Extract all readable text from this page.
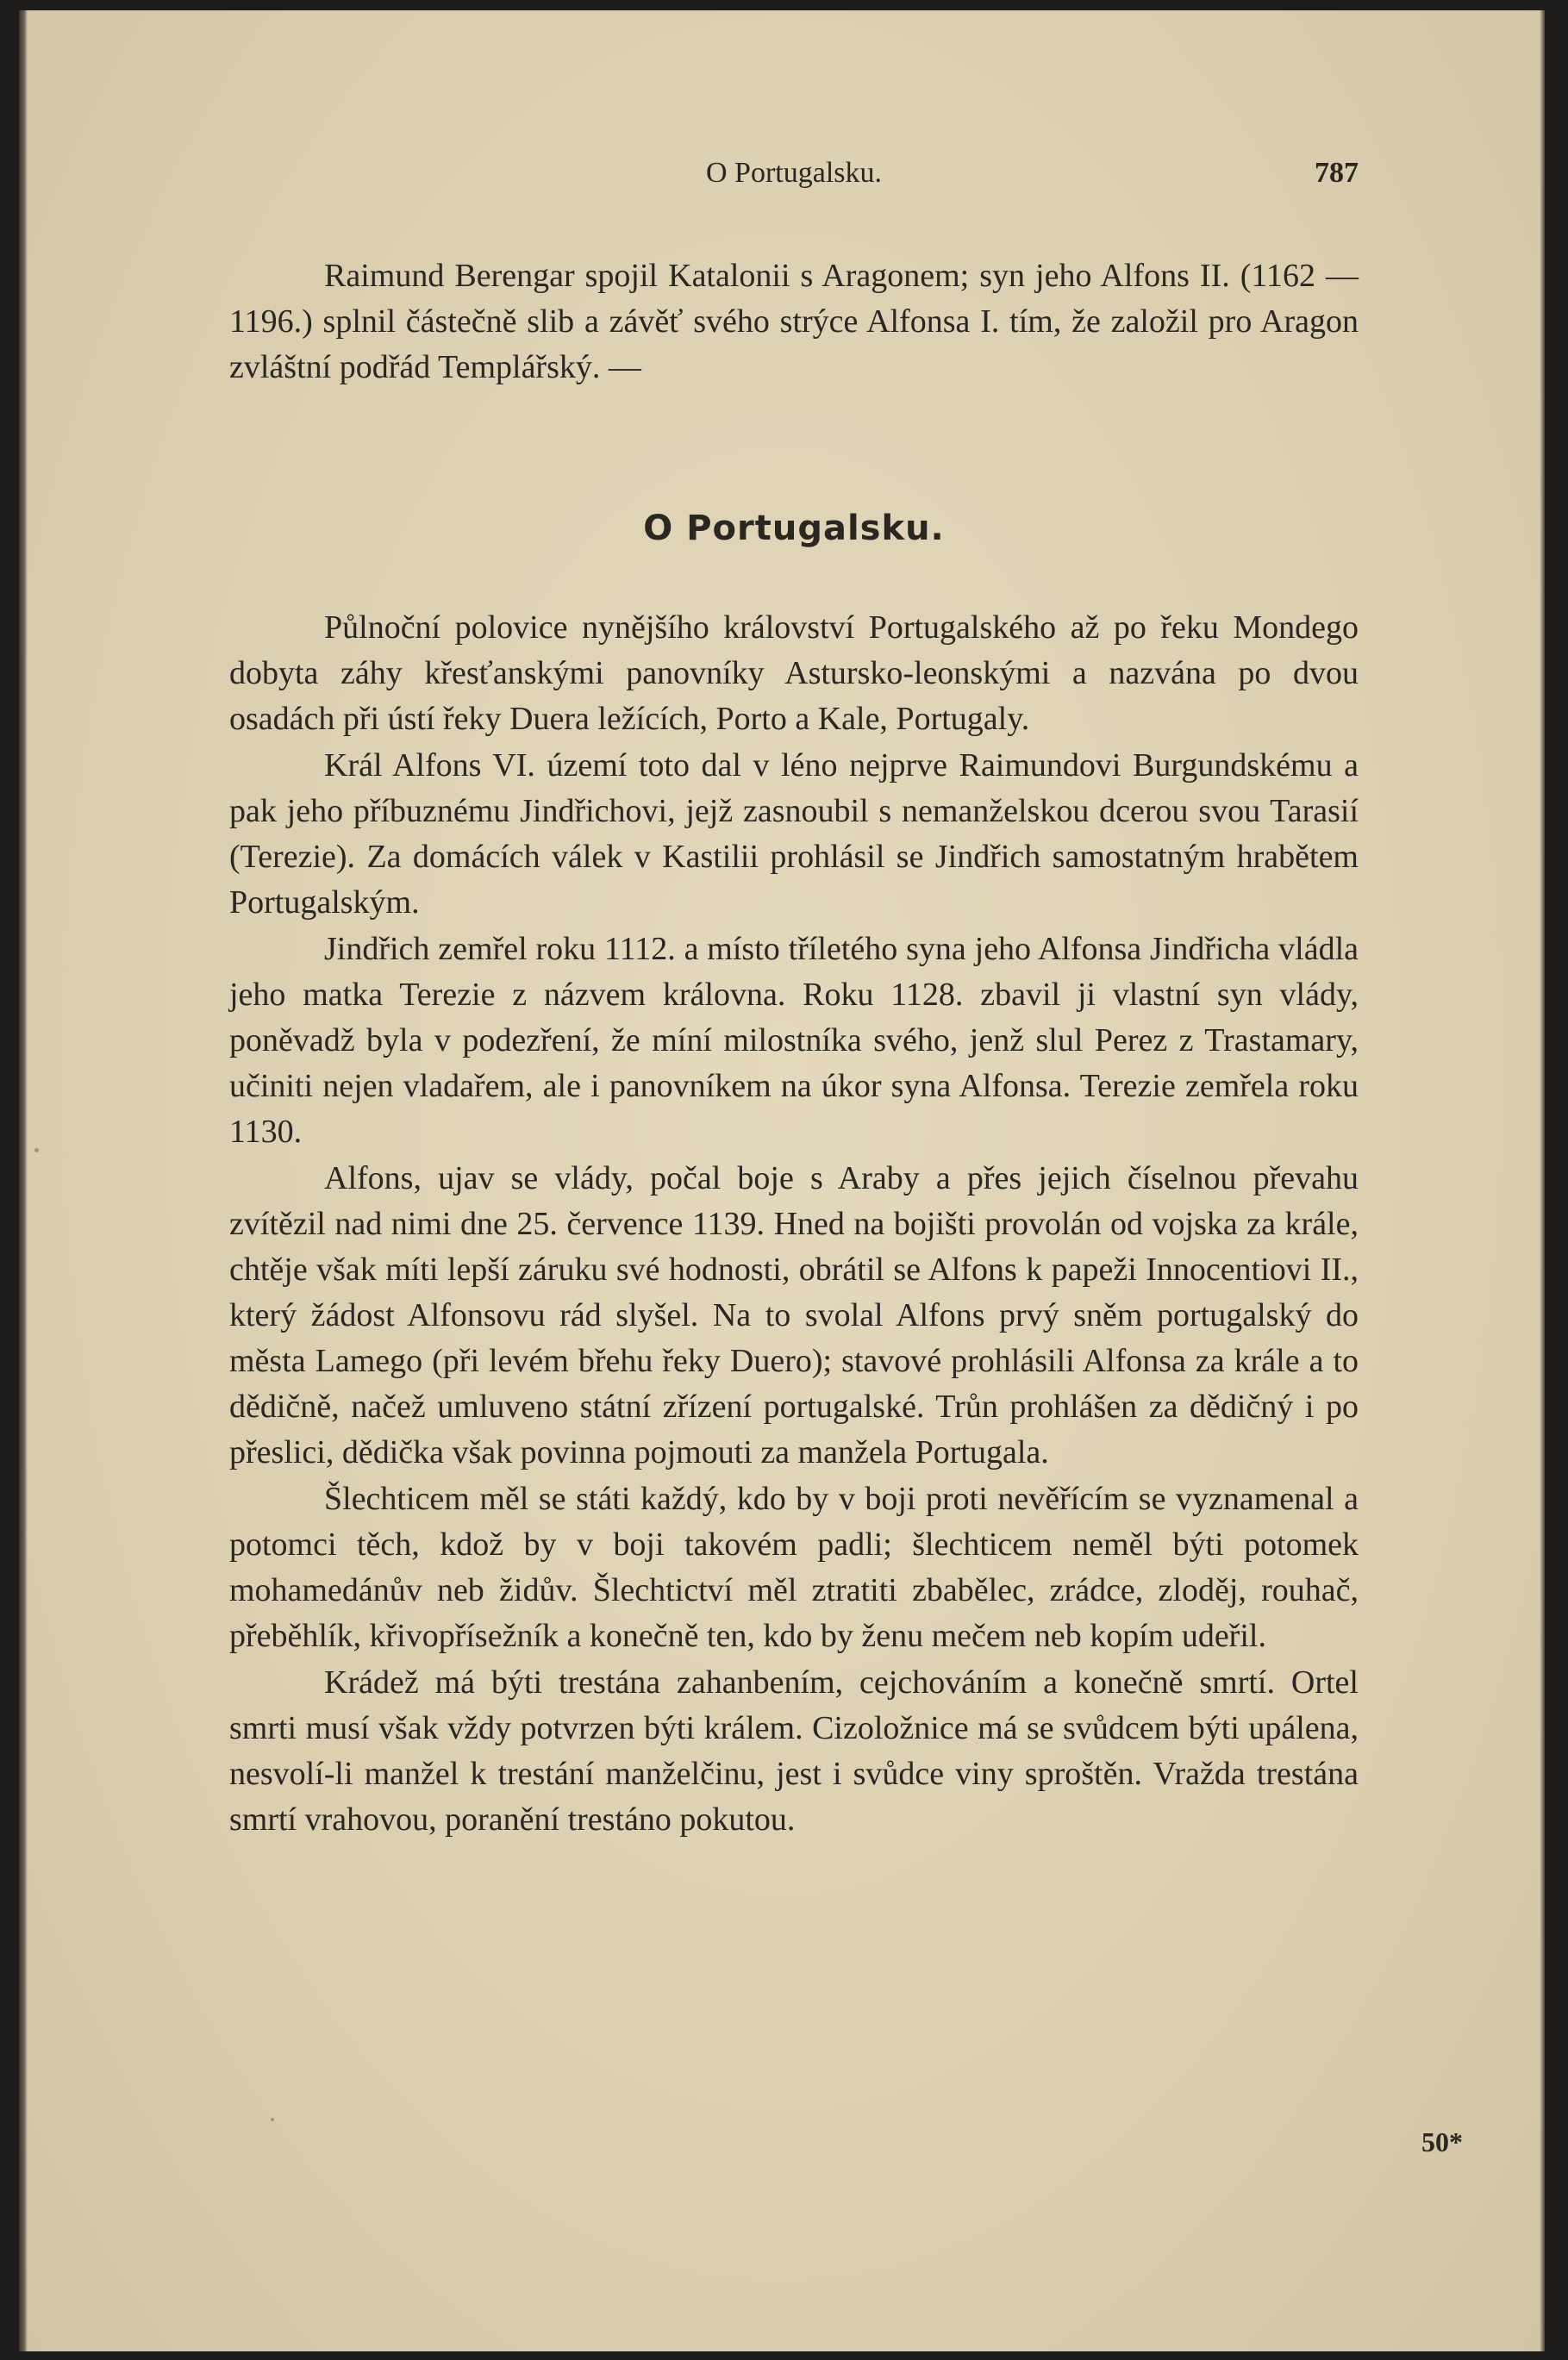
O Portugalsku.	787

Raimund Berengar spojil Katalonii s Aragonem; syn jeho Alfons II. (1162 — 1196.) splnil částečně slib a závěť svého strýce Alfonsa I. tím, že založil pro Aragon zvláštní podřád Templářský. —

O Portugalsku.

Půlnoční polovice nynějšího království Portugalského až po řeku Mondego dobyta záhy křesťanskými panovníky Astursko-leonskými a nazvána po dvou osadách při ústí řeky Duera ležících, Porto a Kale, Portugaly.

Král Alfons VI. území toto dal v léno nejprve Raimundovi Burgundskému a pak jeho příbuznému Jindřichovi, jejž zasnoubil s nemanželskou dcerou svou Tarasií (Terezie). Za domácích válek v Kastilii prohlásil se Jindřich samostatným hrabětem Portugalským.

Jindřich zemřel roku 1112. a místo tříletého syna jeho Alfonsa Jindřicha vládla jeho matka Terezie z názvem královna. Roku 1128. zbavil ji vlastní syn vlády, poněvadž byla v podezření, že míní milostníka svého, jenž slul Perez z Trastamary, učiniti nejen vladařem, ale i panovníkem na úkor syna Alfonsa. Terezie zemřela roku 1130.

Alfons, ujav se vlády, počal boje s Araby a přes jejich číselnou převahu zvítězil nad nimi dne 25. července 1139. Hned na bojišti provolán od vojska za krále, chtěje však míti lepší záruku své hodnosti, obrátil se Alfons k papeži Innocentiovi II., který žádost Alfonsovu rád slyšel. Na to svolal Alfons prvý sněm portugalský do města Lamego (při levém břehu řeky Duero); stavové prohlásili Alfonsa za krále a to dědičně, načež umluveno státní zřízení portugalské. Trůn prohlášen za dědičný i po přeslici, dědička však povinna pojmouti za manžela Portugala.

Šlechticem měl se státi každý, kdo by v boji proti nevěřícím se vyznamenal a potomci těch, kdož by v boji takovém padli; šlechticem neměl býti potomek mohamedánův neb židův. Šlechtictví měl ztratiti zbabělec, zrádce, zloděj, rouhač, přeběhlík, křivopřísežník a konečně ten, kdo by ženu mečem neb kopím udeřil.

Krádež má býti trestána zahanbením, cejchováním a konečně smrtí. Ortel smrti musí však vždy potvrzen býti králem. Cizoložnice má se svůdcem býti upálena, nesvolí-li manžel k trestání manželčinu, jest i svůdce viny sproštěn. Vražda trestána smrtí vrahovou, poranění trestáno pokutou.

50*
